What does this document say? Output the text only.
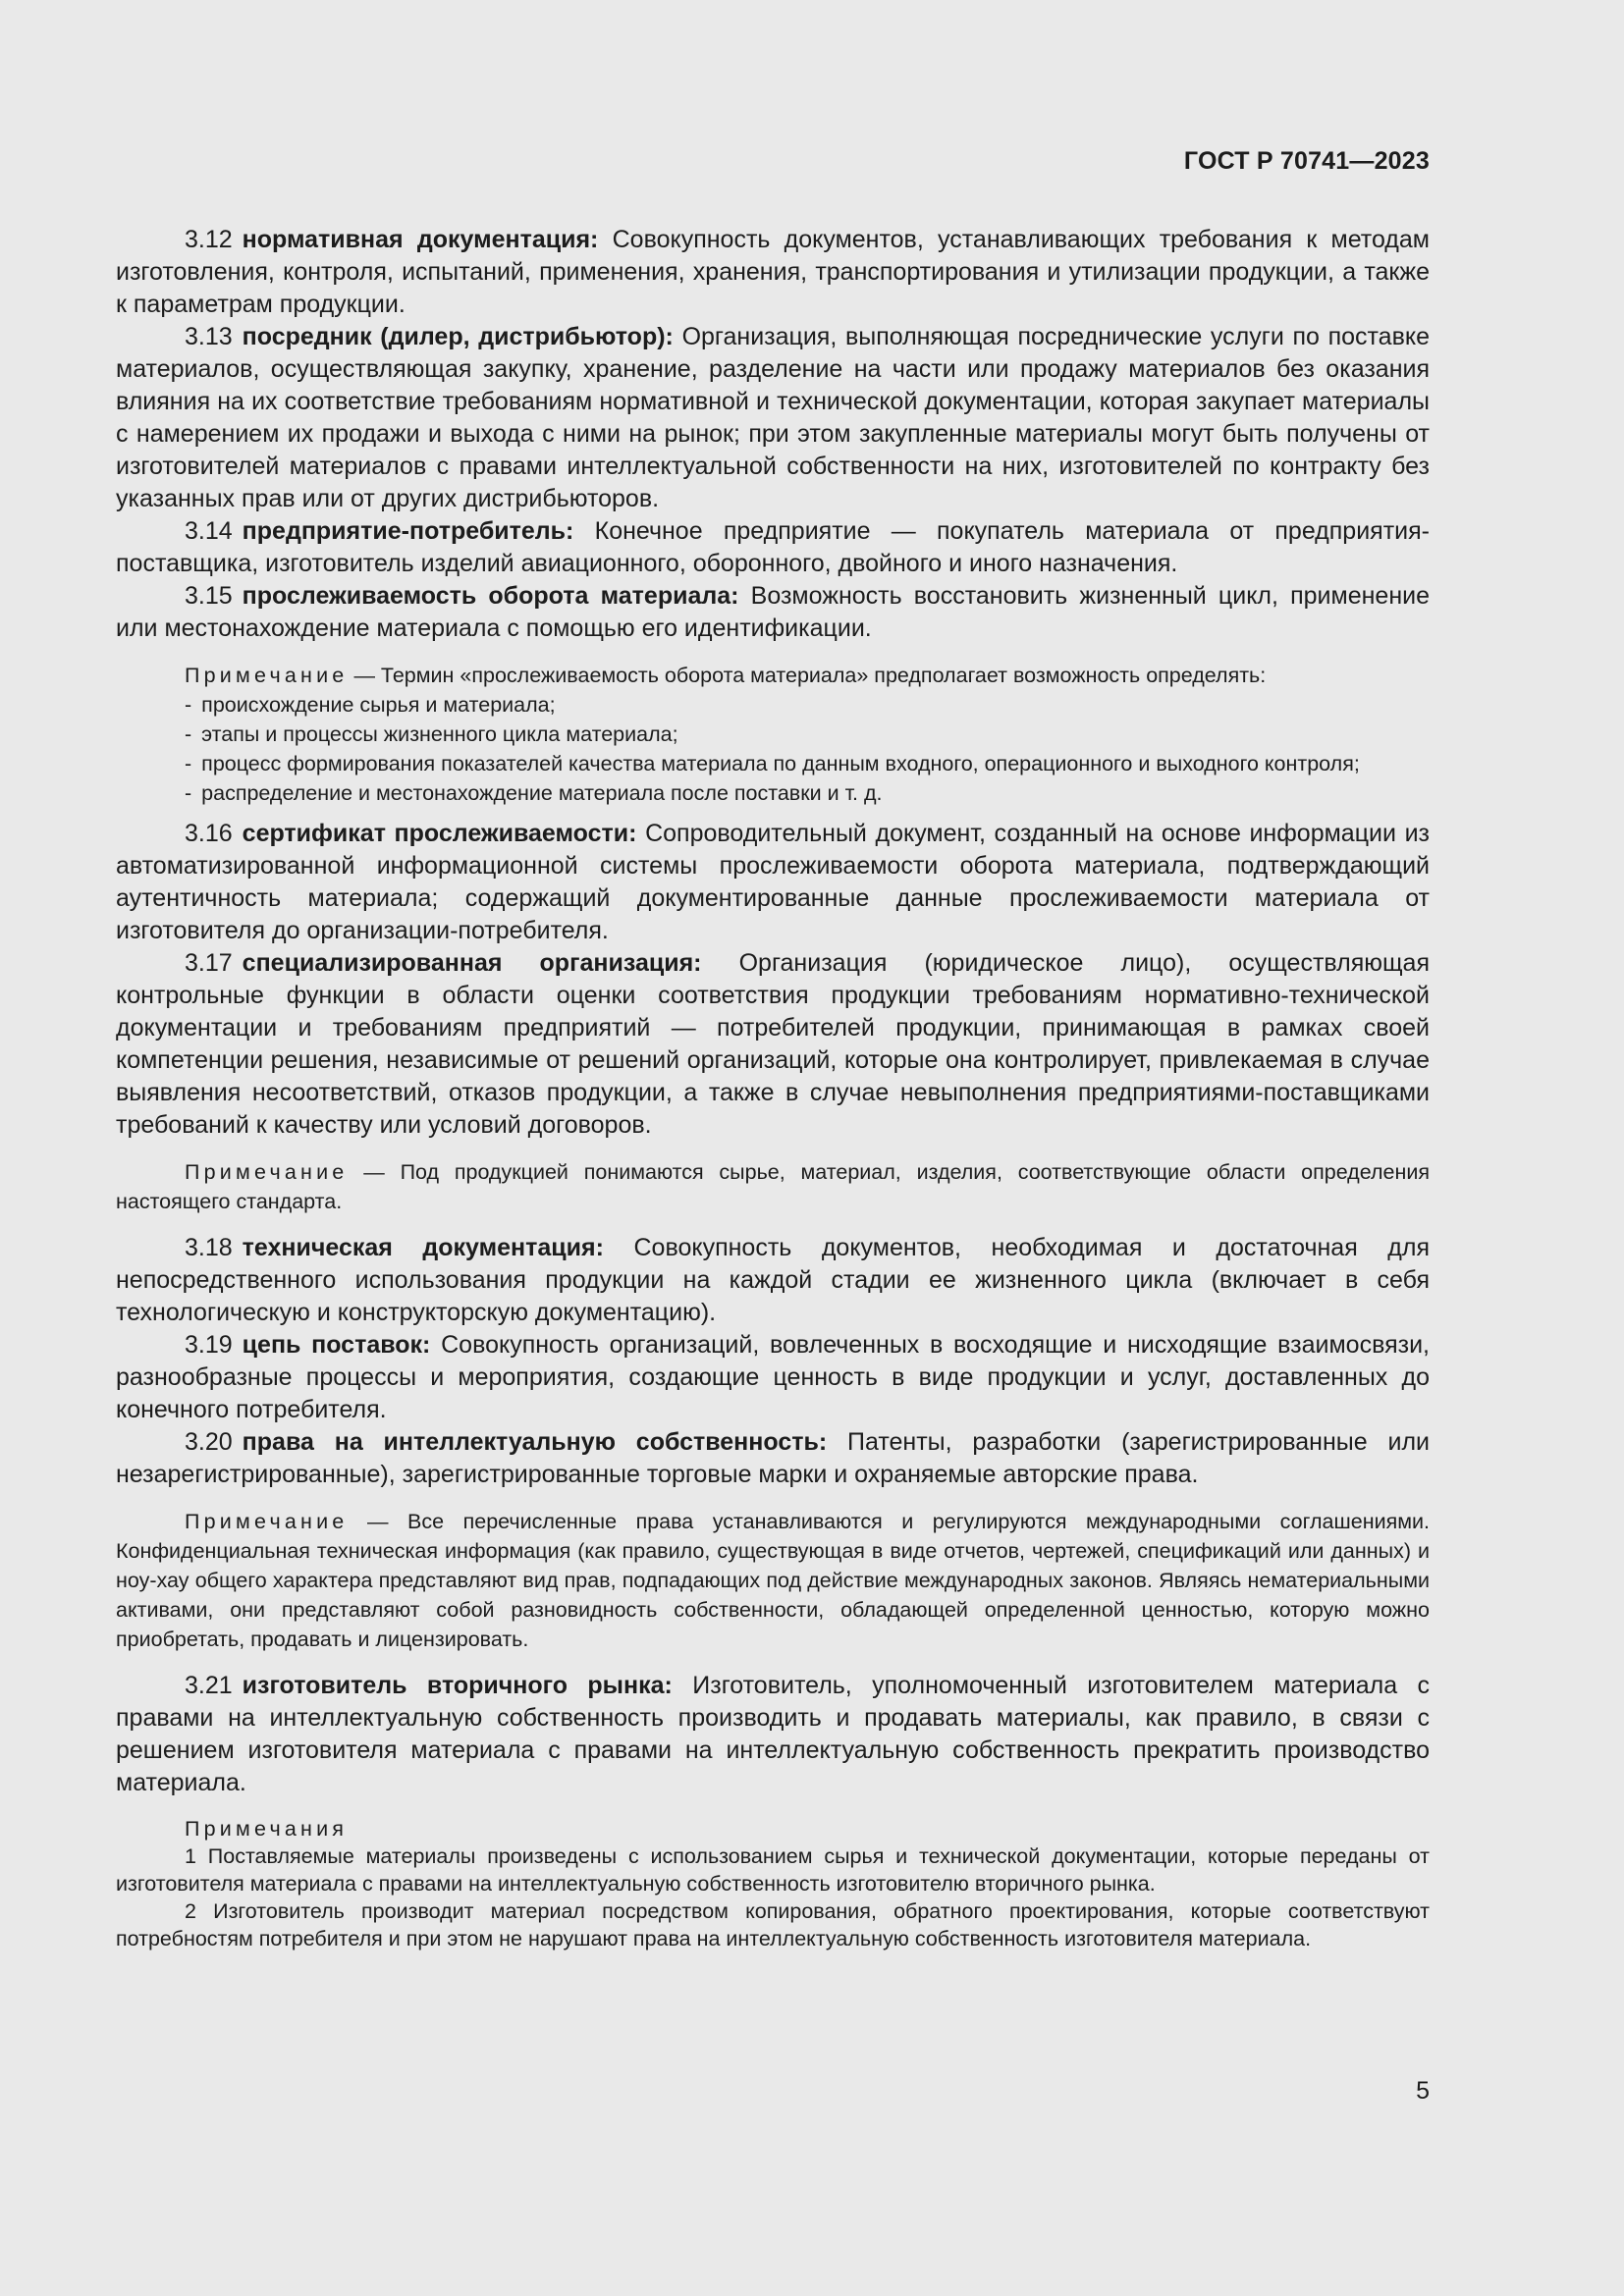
ГОСТ Р 70741—2023

3.12 нормативная документация: Совокупность документов, устанавливающих требования к методам изготовления, контроля, испытаний, применения, хранения, транспортирования и утилизации продукции, а также к параметрам продукции.

3.13 посредник (дилер, дистрибьютор): Организация, выполняющая посреднические услуги по поставке материалов, осуществляющая закупку, хранение, разделение на части или продажу материалов без оказания влияния на их соответствие требованиям нормативной и технической документации, которая закупает материалы с намерением их продажи и выхода с ними на рынок; при этом закупленные материалы могут быть получены от изготовителей материалов с правами интеллектуальной собственности на них, изготовителей по контракту без указанных прав или от других дистрибьюторов.

3.14 предприятие-потребитель: Конечное предприятие — покупатель материала от предприятия-поставщика, изготовитель изделий авиационного, оборонного, двойного и иного назначения.

3.15 прослеживаемость оборота материала: Возможность восстановить жизненный цикл, применение или местонахождение материала с помощью его идентификации.

Примечание — Термин «прослеживаемость оборота материала» предполагает возможность определять:

- происхождение сырья и материала;

- этапы и процессы жизненного цикла материала;

- процесс формирования показателей качества материала по данным входного, операционного и выходного контроля;

- распределение и местонахождение материала после поставки и т. д.

3.16 сертификат прослеживаемости: Сопроводительный документ, созданный на основе информации из автоматизированной информационной системы прослеживаемости оборота материала, подтверждающий аутентичность материала; содержащий документированные данные прослеживаемости материала от изготовителя до организации-потребителя.

3.17 специализированная организация: Организация (юридическое лицо), осуществляющая контрольные функции в области оценки соответствия продукции требованиям нормативно-технической документации и требованиям предприятий — потребителей продукции, принимающая в рамках своей компетенции решения, независимые от решений организаций, которые она контролирует, привлекаемая в случае выявления несоответствий, отказов продукции, а также в случае невыполнения предприятиями-поставщиками требований к качеству или условий договоров.

Примечание — Под продукцией понимаются сырье, материал, изделия, соответствующие области определения настоящего стандарта.

3.18 техническая документация: Совокупность документов, необходимая и достаточная для непосредственного использования продукции на каждой стадии ее жизненного цикла (включает в себя технологическую и конструкторскую документацию).

3.19 цепь поставок: Совокупность организаций, вовлеченных в восходящие и нисходящие взаимосвязи, разнообразные процессы и мероприятия, создающие ценность в виде продукции и услуг, доставленных до конечного потребителя.

3.20 права на интеллектуальную собственность: Патенты, разработки (зарегистрированные или незарегистрированные), зарегистрированные торговые марки и охраняемые авторские права.

Примечание — Все перечисленные права устанавливаются и регулируются международными соглашениями. Конфиденциальная техническая информация (как правило, существующая в виде отчетов, чертежей, спецификаций или данных) и ноу-хау общего характера представляют вид прав, подпадающих под действие международных законов. Являясь нематериальными активами, они представляют собой разновидность собственности, обладающей определенной ценностью, которую можно приобретать, продавать и лицензировать.

3.21 изготовитель вторичного рынка: Изготовитель, уполномоченный изготовителем материала с правами на интеллектуальную собственность производить и продавать материалы, как правило, в связи с решением изготовителя материала с правами на интеллектуальную собственность прекратить производство материала.

Примечания

1 Поставляемые материалы произведены с использованием сырья и технической документации, которые переданы от изготовителя материала с правами на интеллектуальную собственность изготовителю вторичного рынка.

2 Изготовитель производит материал посредством копирования, обратного проектирования, которые соответствуют потребностям потребителя и при этом не нарушают права на интеллектуальную собственность изготовителя материала.

5
